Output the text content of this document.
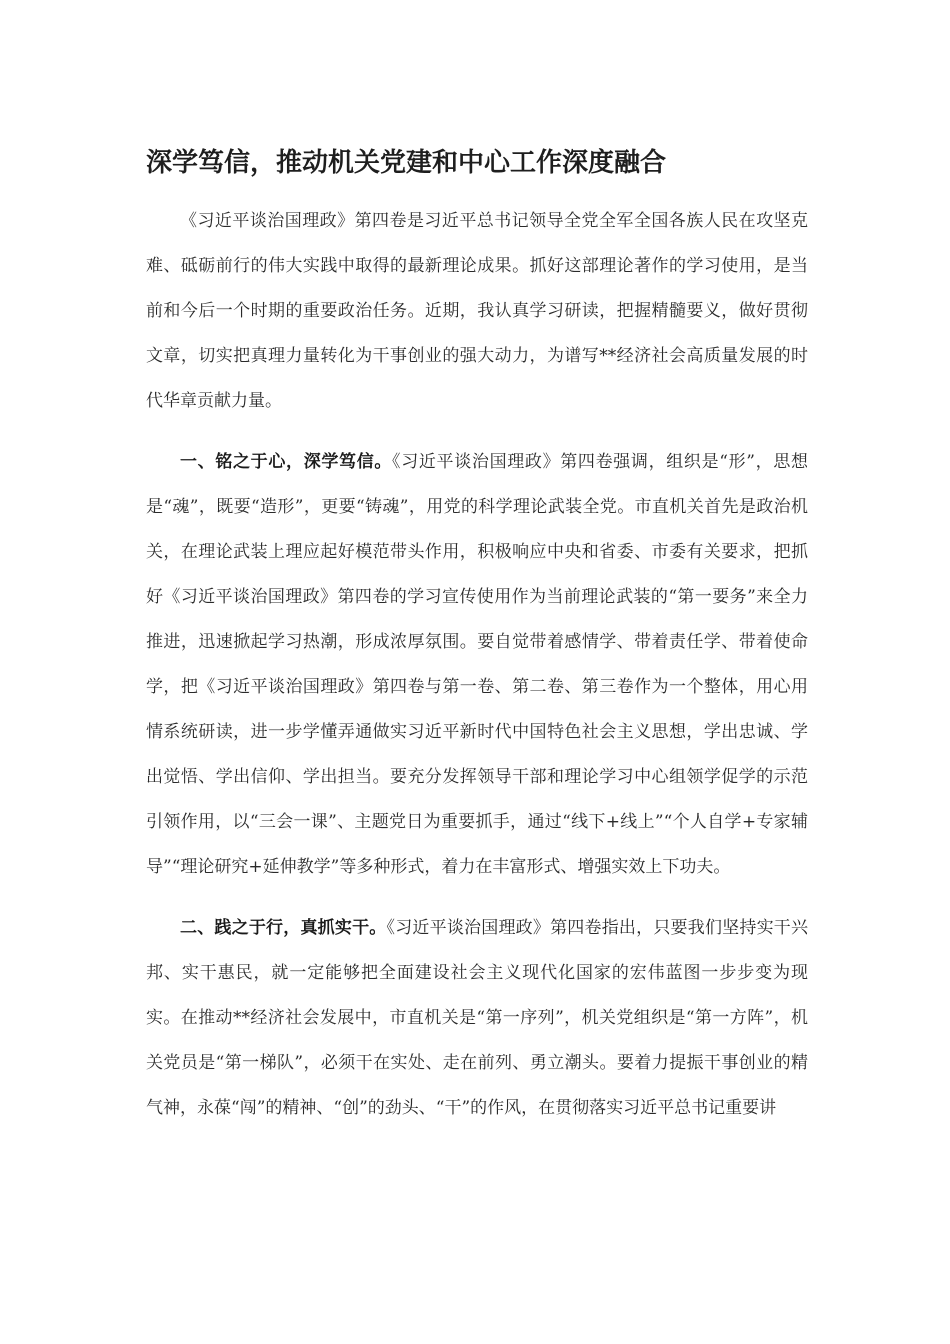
深学笃信，推动机关党建和中心工作深度融合

《习近平谈治国理政》第四卷是习近平总书记领导全党全军全国各族人民在攻坚克难、砥砺前行的伟大实践中取得的最新理论成果。抓好这部理论著作的学习使用，是当前和今后一个时期的重要政治任务。近期，我认真学习研读，把握精髓要义，做好贯彻文章，切实把真理力量转化为干事创业的强大动力，为谱写**经济社会高质量发展的时代华章贡献力量。

一、铭之于心，深学笃信。《习近平谈治国理政》第四卷强调，组织是“形”，思想是“魂”，既要“造形”，更要“铸魂”，用党的科学理论武装全党。市直机关首先是政治机关，在理论武装上理应起好模范带头作用，积极响应中央和省委、市委有关要求，把抓好《习近平谈治国理政》第四卷的学习宣传使用作为当前理论武装的“第一要务”来全力推进，迅速掀起学习热潮，形成浓厚氛围。要自觉带着感情学、带着责任学、带着使命学，把《习近平谈治国理政》第四卷与第一卷、第二卷、第三卷作为一个整体，用心用情系统研读，进一步学懂弄通做实习近平新时代中国特色社会主义思想，学出忠诚、学出觉悟、学出信仰、学出担当。要充分发挥领导干部和理论学习中心组领学促学的示范引领作用，以“三会一课”、主题党日为重要抓手，通过“线下+线上”“个人自学+专家辅导”“理论研究+延伸教学”等多种形式，着力在丰富形式、增强实效上下功夫。

二、践之于行，真抓实干。《习近平谈治国理政》第四卷指出，只要我们坚持实干兴邦、实干惠民，就一定能够把全面建设社会主义现代化国家的宏伟蓝图一步步变为现实。在推动**经济社会发展中，市直机关是“第一序列”，机关党组织是“第一方阵”，机关党员是“第一梯队”，必须干在实处、走在前列、勇立潮头。要着力提振干事创业的精气神，永葆“闯”的精神、“创”的劲头、“干”的作风，在贯彻落实习近平总书记重要讲
